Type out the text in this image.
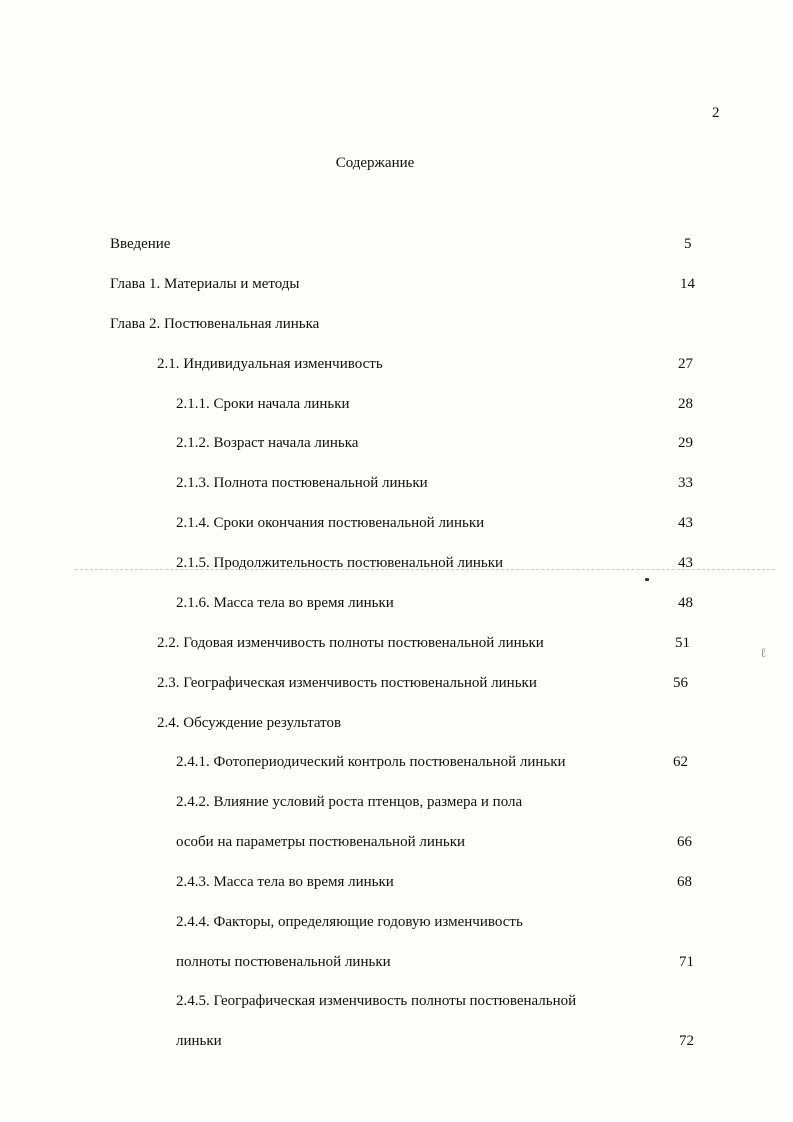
2
Содержание
Введение	5
Глава 1. Материалы и методы	14
Глава 2. Постювенальная линька
2.1. Индивидуальная изменчивость	27
2.1.1. Сроки начала линьки	28
2.1.2. Возраст начала линька	29
2.1.3. Полнота постювенальной линьки	33
2.1.4. Сроки окончания постювенальной линьки	43
2.1.5. Продолжительность постювенальной линьки	43
2.1.6. Масса тела во время линьки	48
2.2. Годовая изменчивость полноты постювенальной линьки	51
2.3. Географическая изменчивость постювенальной линьки	56
2.4. Обсуждение результатов
2.4.1. Фотопериодический контроль постювенальной линьки	62
2.4.2. Влияние условий роста птенцов, размера и пола
особи на параметры постювенальной линьки	66
2.4.3. Масса тела во время линьки	68
2.4.4. Факторы, определяющие годовую изменчивость
полноты постювенальной линьки	71
2.4.5. Географическая изменчивость полноты постювенальной
линьки	72
ℓ
